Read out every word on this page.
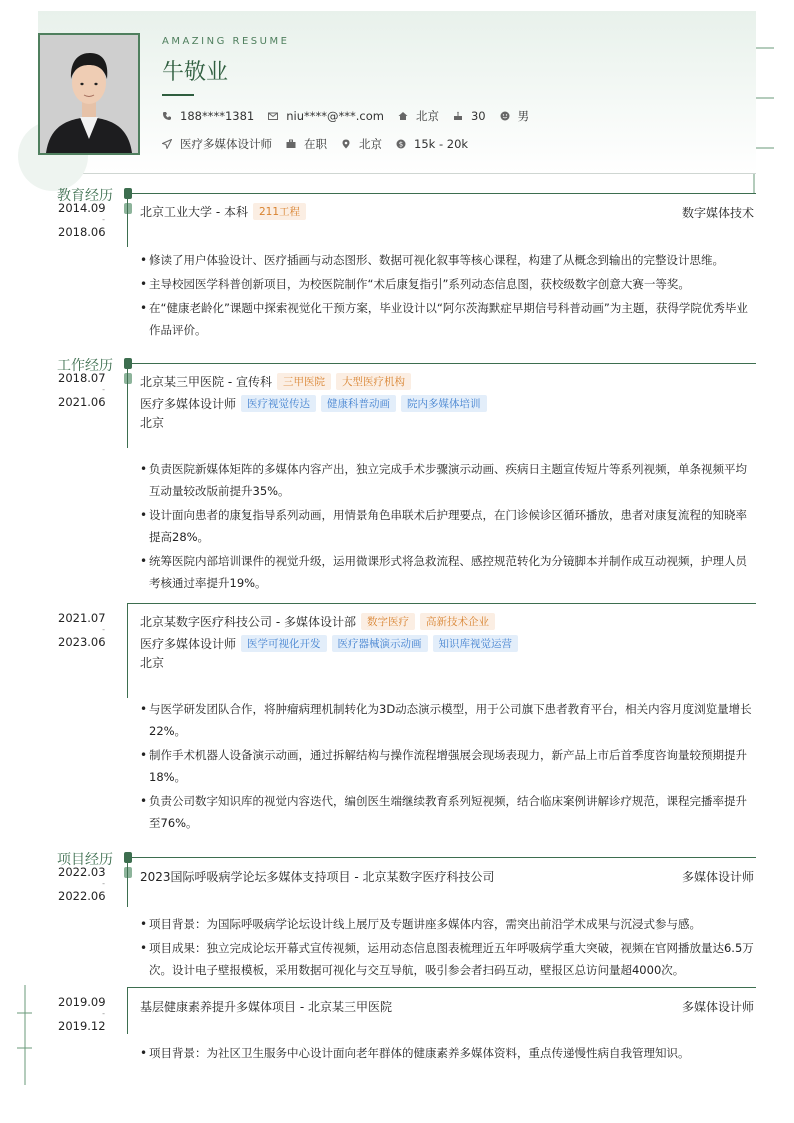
AMAZING RESUME
牛敬业
188****1381	niu****@***.com	北京	30	男
医疗多媒体设计师	在职	北京 $ 15k - 20k
教育经历
2014.09
-
2018.06
北京工业大学 - 本科	211工程	数字媒体技术
• 修读了用户体验设计、医疗插画与动态图形、数据可视化叙事等核心课程，构建了从概念到输出的完整设计思维。
• 主导校园医学科普创新项目，为校医院制作“术后康复指引”系列动态信息图，获校级数字创意大赛一等奖。
• 在“健康老龄化”课题中探索视觉化干预方案，毕业设计以“阿尔茨海默症早期信号科普动画”为主题，获得学院优秀毕业作品评价。
工作经历
2018.07
-
2021.06
北京某三甲医院 - 宣传科	三甲医院	大型医疗机构
医疗多媒体设计师	医疗视觉传达	健康科普动画	院内多媒体培训
北京
• 负责医院新媒体矩阵的多媒体内容产出，独立完成手术步骤演示动画、疾病日主题宣传短片等系列视频，单条视频平均互动量较改版前提升35%。
• 设计面向患者的康复指导系列动画，用情景角色串联术后护理要点，在门诊候诊区循环播放，患者对康复流程的知晓率提高28%。
• 统筹医院内部培训课件的视觉升级，运用微课形式将急救流程、感控规范转化为分镜脚本并制作成互动视频，护理人员考核通过率提升19%。
2021.07
-
2023.06
北京某数字医疗科技公司 - 多媒体设计部	数字医疗	高新技术企业
医疗多媒体设计师	医学可视化开发	医疗器械演示动画	知识库视觉运营
北京
• 与医学研发团队合作，将肿瘤病理机制转化为3D动态演示模型，用于公司旗下患者教育平台，相关内容月度浏览量增长22%。
• 制作手术机器人设备演示动画，通过拆解结构与操作流程增强展会现场表现力，新产品上市后首季度咨询量较预期提升18%。
• 负责公司数字知识库的视觉内容迭代，编创医生端继续教育系列短视频，结合临床案例讲解诊疗规范，课程完播率提升至76%。
项目经历
2022.03
-
2022.06
2023国际呼吸病学论坛多媒体支持项目 - 北京某数字医疗科技公司	多媒体设计师
• 项目背景：为国际呼吸病学论坛设计线上展厅及专题讲座多媒体内容，需突出前沿学术成果与沉浸式参与感。
• 项目成果：独立完成论坛开幕式宣传视频，运用动态信息图表梳理近五年呼吸病学重大突破，视频在官网播放量达6.5万次。设计电子壁报模板，采用数据可视化与交互导航，吸引参会者扫码互动，壁报区总访问量超4000次。
2019.09
-
2019.12
基层健康素养提升多媒体项目 - 北京某三甲医院	多媒体设计师
• 项目背景：为社区卫生服务中心设计面向老年群体的健康素养多媒体资料，重点传递慢性病自我管理知识。
